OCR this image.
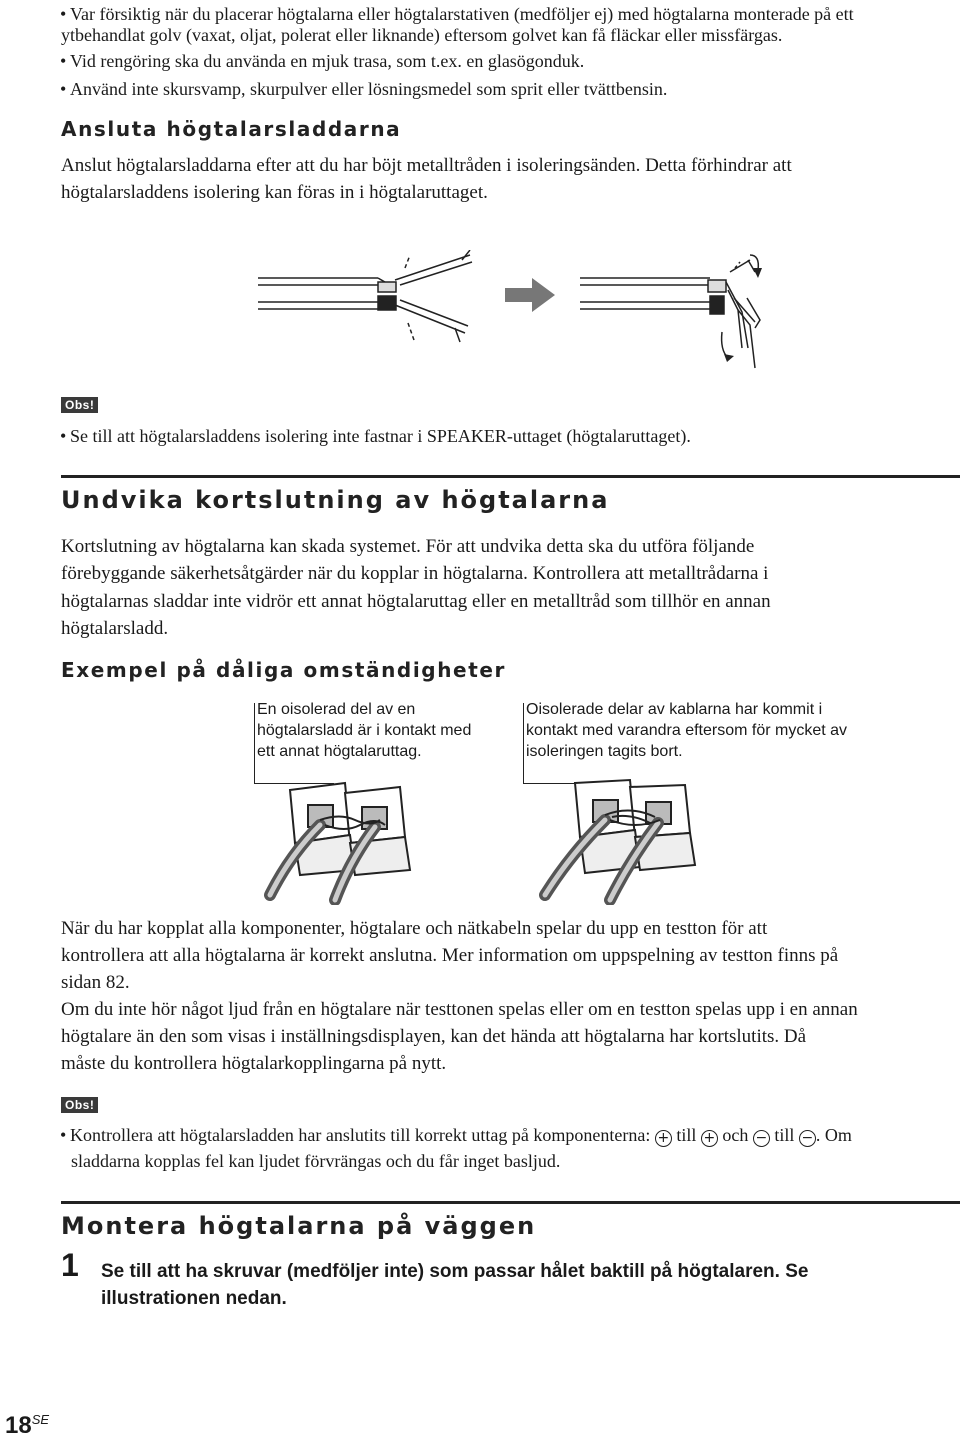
• Var försiktig när du placerar högtalarna eller högtalarstativen (medföljer ej) med högtalarna monterade på ett
ytbehandlat golv (vaxat, oljat, polerat eller liknande) eftersom golvet kan få fläckar eller missfärgas.
• Vid rengöring ska du använda en mjuk trasa, som t.ex. en glasögonduk.
• Använd inte skursvamp, skurpulver eller lösningsmedel som sprit eller tvättbensin.
Ansluta högtalarsladdarna
Anslut högtalarsladdarna efter att du har böjt metalltråden i isoleringsänden. Detta förhindrar att
högtalarsladdens isolering kan föras in i högtalaruttaget.
Obs!
• Se till att högtalarsladdens isolering inte fastnar i SPEAKER-uttaget (högtalaruttaget).
Undvika kortslutning av högtalarna
Kortslutning av högtalarna kan skada systemet. För att undvika detta ska du utföra följande
förebyggande säkerhetsåtgärder när du kopplar in högtalarna. Kontrollera att metalltrådarna i
högtalarnas sladdar inte vidrör ett annat högtalaruttag eller en metalltråd som tillhör en annan
högtalarsladd.
Exempel på dåliga omständigheter
En oisolerad del av en
högtalarsladd är i kontakt med
ett annat högtalaruttag.
Oisolerade delar av kablarna har kommit i
kontakt med varandra eftersom för mycket av
isoleringen tagits bort.
När du har kopplat alla komponenter, högtalare och nätkabeln spelar du upp en testton för att
kontrollera att alla högtalarna är korrekt anslutna. Mer information om uppspelning av testton finns på
sidan 82.
Om du inte hör något ljud från en högtalare när testtonen spelas eller om en testton spelas upp i en annan
högtalare än den som visas i inställningsdisplayen, kan det hända att högtalarna har kortslutits. Då
måste du kontrollera högtalarkopplingarna på nytt.
Obs!
• Kontrollera att högtalarsladden har anslutits till korrekt uttag på komponenterna: + till + och − till − . Om
sladdarna kopplas fel kan ljudet förvrängas och du får inget basljud.
Montera högtalarna på väggen
1 Se till att ha skruvar (medföljer inte) som passar hålet baktill på högtalaren. Se
illustrationen nedan.
$18^{SE}$
